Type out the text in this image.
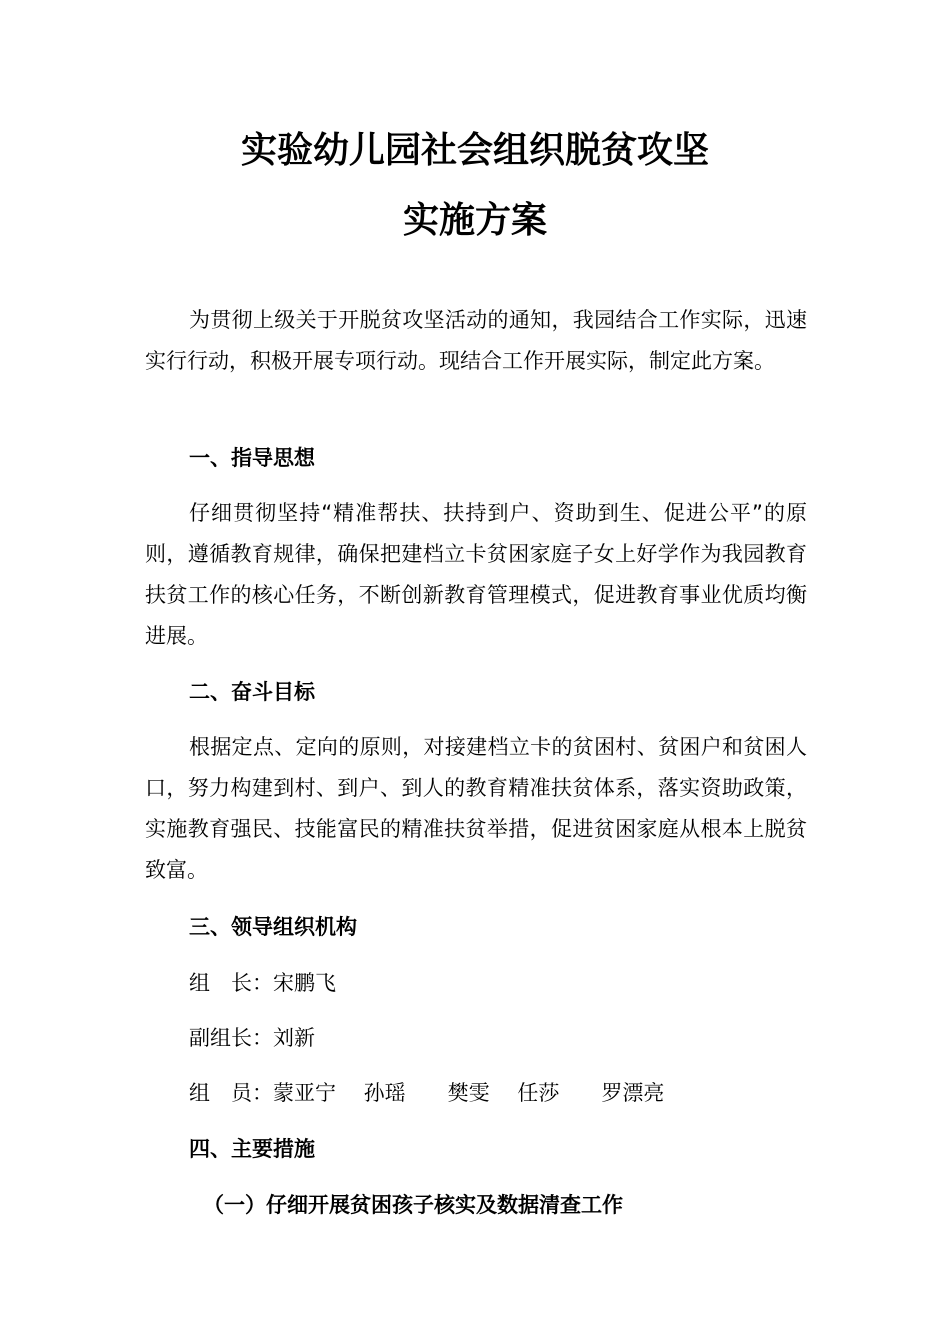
实验幼儿园社会组织脱贫攻坚
实施方案

为贯彻上级关于开脱贫攻坚活动的通知，我园结合工作实际，迅速实行行动，积极开展专项行动。现结合工作开展实际，制定此方案。

一、指导思想

仔细贯彻坚持“精准帮扶、扶持到户、资助到生、促进公平”的原则，遵循教育规律，确保把建档立卡贫困家庭子女上好学作为我园教育扶贫工作的核心任务，不断创新教育管理模式，促进教育事业优质均衡进展。

二、奋斗目标

根据定点、定向的原则，对接建档立卡的贫困村、贫困户和贫困人口，努力构建到村、到户、到人的教育精准扶贫体系，落实资助政策，实施教育强民、技能富民的精准扶贫举措，促进贫困家庭从根本上脱贫致富。

三、领导组织机构

组　长：宋鹏飞

副组长：刘新

组　员：蒙亚宁　 孙瑶　　樊雯　 任莎　　罗漂亮

四、主要措施
（一）仔细开展贫困孩子核实及数据清查工作
